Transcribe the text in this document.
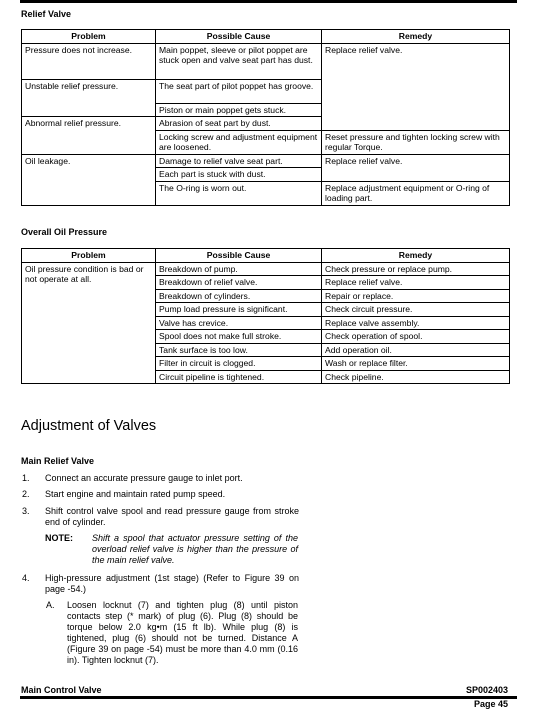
Relief Valve
Problem	Possible Cause	Remedy
Pressure does not increase.	Main poppet, sleeve or pilot poppet are stuck open and valve seat part has dust.	Replace relief valve.
Unstable relief pressure.	The seat part of pilot poppet has groove.	
	Piston or main poppet gets stuck.	
Abnormal relief pressure.	Abrasion of seat part by dust.	
	Locking screw and adjustment equipment are loosened.	Reset pressure and tighten locking screw with regular Torque.
Oil leakage.	Damage to relief valve seat part.	Replace relief valve.
	Each part is stuck with dust.	
	The O-ring is worn out.	Replace adjustment equipment or O-ring of loading part.
Overall Oil Pressure
Problem	Possible Cause	Remedy
Oil pressure condition is bad or not operate at all.	Breakdown of pump.	Check pressure or replace pump.
	Breakdown of relief valve.	Replace relief valve.
	Breakdown of cylinders.	Repair or replace.
	Pump load pressure is significant.	Check circuit pressure.
	Valve has crevice.	Replace valve assembly.
	Spool does not make full stroke.	Check operation of spool.
	Tank surface is too low.	Add operation oil.
	Filter in circuit is clogged.	Wash or replace filter.
	Circuit pipeline is tightened.	Check pipeline.
Adjustment of Valves
Main Relief Valve
1. Connect an accurate pressure gauge to inlet port.
2. Start engine and maintain rated pump speed.
3. Shift control valve spool and read pressure gauge from stroke end of cylinder.
NOTE: Shift a spool that actuator pressure setting of the overload relief valve is higher than the pressure of the main relief valve.
4. High-pressure adjustment (1st stage) (Refer to Figure 39 on page -54.)
A. Loosen locknut (7) and tighten plug (8) until piston contacts step (* mark) of plug (6). Plug (8) should be torque below 2.0 kg•m (15 ft lb). While plug (8) is tightened, plug (6) should not be turned. Distance A (Figure 39 on page -54) must be more than 4.0 mm (0.16 in). Tighten locknut (7).
Main Control Valve	SP002403
Page 45
